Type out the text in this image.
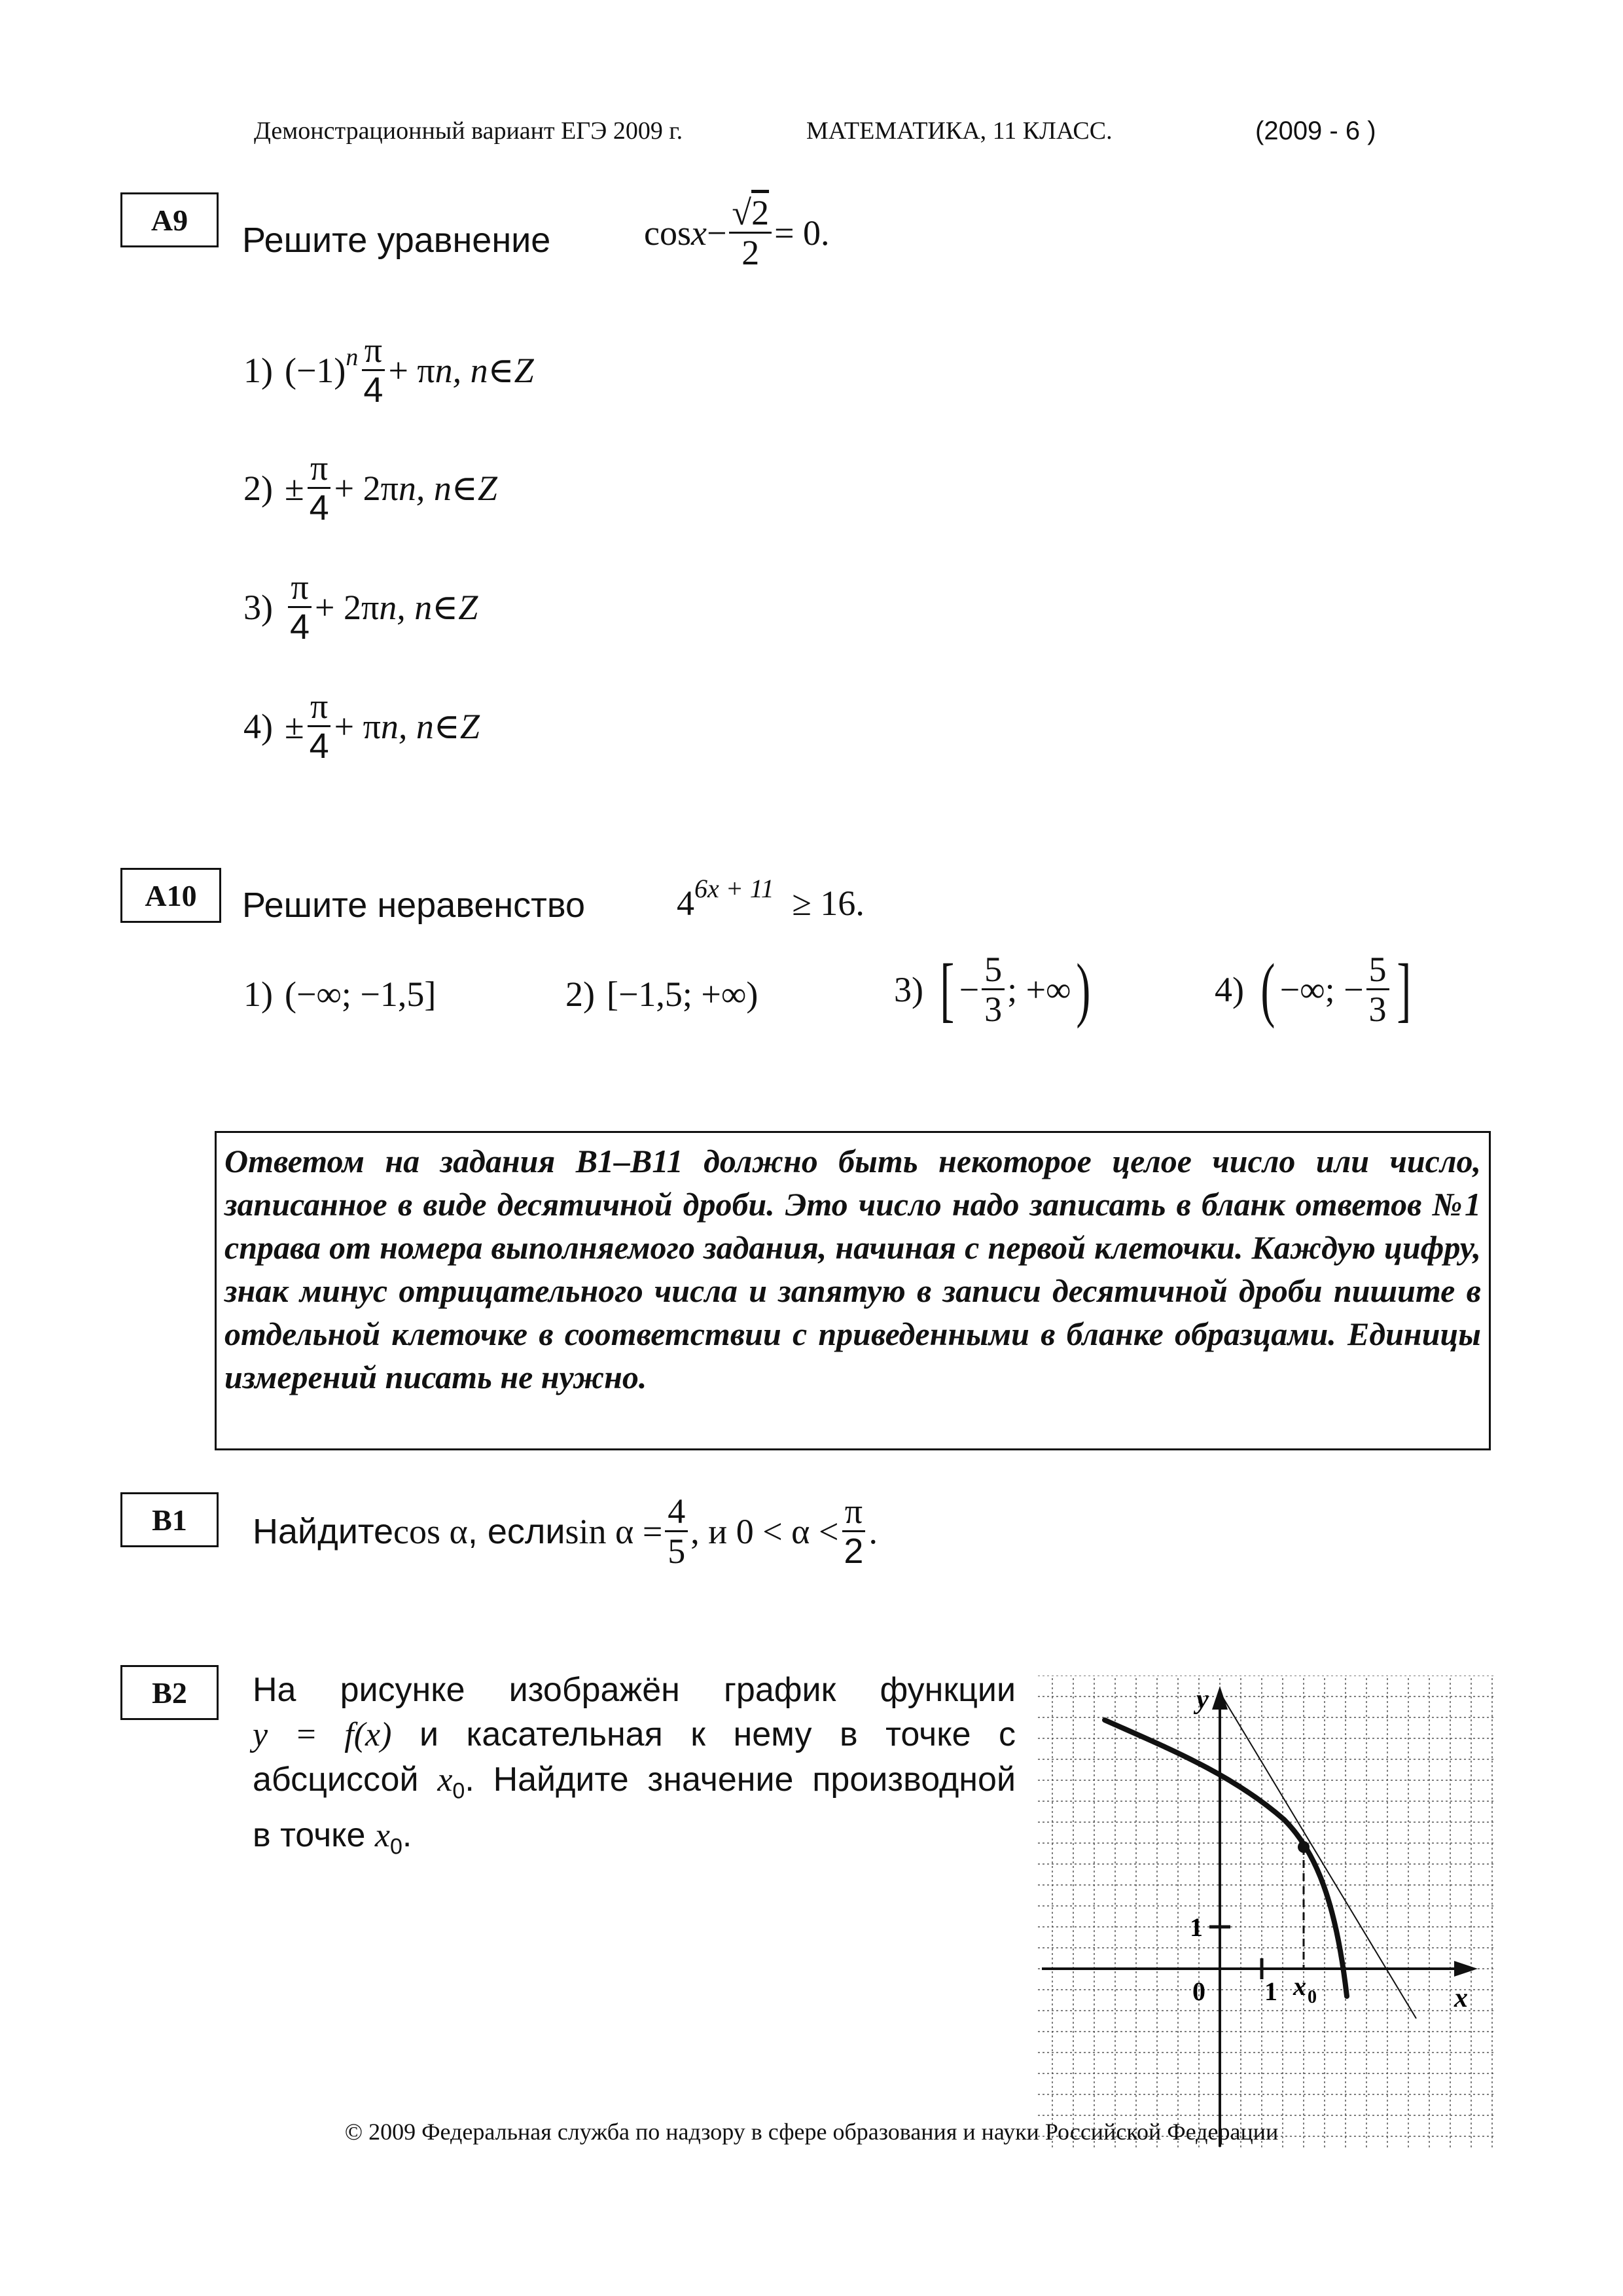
Демонстрационный вариант ЕГЭ 2009 г.	МАТЕМАТИКА, 11 КЛАСС.	(2009 - 6 )
А9
Решите уравнение	$\cos x - \frac{√2}{2} = 0$.
1) $(-1)^n \frac{\pi}{4} + \pi$ n , n∈Z
$2) \pm \frac{\pi}{4} + 2\pi$ n , n∈Z
$3) \frac{\pi}{4} + 2\pi$ n , n∈Z
$4) \pm \frac{\pi}{4} + \pi$ n , n∈Z
А10	Решите неравенство	$4^{6x + 11} \ge 16$.
1) (−∞; −1,5]	2) [−1,5; +∞)	3) [ − $\frac{5}{3}$ ; +∞ )	4) ( −∞; − $\frac{5}{3}$ ]
Ответом на задания В1–В11 должно быть некоторое целое число или число, записанное в виде десятичной дроби. Это число надо записать в бланк ответов №1 справа от номера выполняемого задания, начиная с первой клеточки. Каждую цифру, знак минус отрицательного числа и запятую в записи десятичной дроби пишите в отдельной клеточке в соответствии с приведенными в бланке образцами. Единицы измерений писать не нужно.
В1	Найдите cos α , если $\sin \alpha = \frac{4}{5}$ , и $0 < \alpha < \frac{\pi}{2}$ .
В2	На рисунке изображён график функции
y = f(x) и касательная к нему в точке с
абсциссой $x_0$. Найдите значение производной
в точке $x_0$.
y
x
0 1
1
x 0
© 2009 Федеральная служба по надзору в сфере образования и науки Российской Федерации
